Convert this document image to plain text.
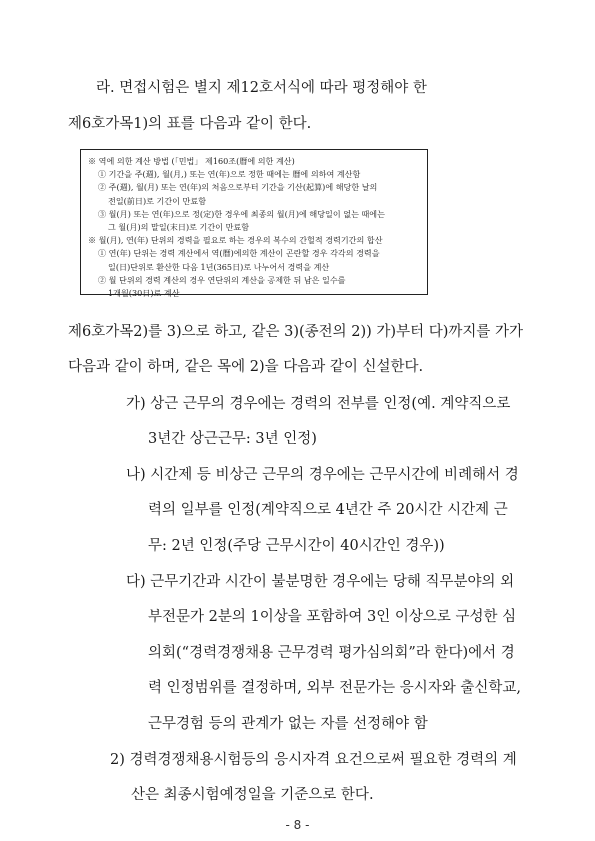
라. 면접시험은 별지 제12호서식에 따라 평정해야 한
제6호가목1)의 표를 다음과 같이 한다.
※ 역에 의한 계산 방법 (「민법」 제160조(曆에 의한 계산)
① 기간을 주(週), 월(月,) 또는 연(年)으로 정한 때에는 曆에 의하여 계산함
② 주(週), 월(月) 또는 연(年)의 처음으로부터 기간을 기산(起算)에 해당한 날의
전일(前日)로 기간이 만료함
③ 월(月) 또는 연(年)으로 정(定)한 경우에 최종의 월(月)에 해당일이 없는 때에는
그 월(月)의 말일(末日)로 기간이 만료함
※ 월(月), 연(年) 단위의 경력을 필요로 하는 경우의 복수의 간헐적 경력기간의 합산
① 연(年) 단위는 경력 계산에서 역(曆)에의한 계산이 곤란할 경우 각각의 경력을
일(日)단위로 환산한 다음 1년(365日)로 나누어서 경력을 계산
② 월 단위의 경력 계산의 경우 연단위의 계산을 공제한 뒤 남은 일수를
1개월(30日)로 계산
제6호가목2)를 3)으로 하고, 같은 3)(종전의 2)) 가)부터 다)까지를 가가
다음과 같이 하며, 같은 목에 2)을 다음과 같이 신설한다.
가) 상근 근무의 경우에는 경력의 전부를 인정(예. 계약직으로
3년간 상근근무: 3년 인정)
나) 시간제 등 비상근 근무의 경우에는 근무시간에 비례해서 경
력의 일부를 인정(계약직으로 4년간 주 20시간 시간제 근
무: 2년 인정(주당 근무시간이 40시간인 경우))
다) 근무기간과 시간이 불분명한 경우에는 당해 직무분야의 외
부전문가 2분의 1이상을 포함하여 3인 이상으로 구성한 심
의회(“경력경쟁채용 근무경력 평가심의회”라 한다)에서 경
력 인정범위를 결정하며, 외부 전문가는 응시자와 출신학교,
근무경험 등의 관계가 없는 자를 선정해야 함
2) 경력경쟁채용시험등의 응시자격 요건으로써 필요한 경력의 계
산은 최종시험예정일을 기준으로 한다.
- 8 -
